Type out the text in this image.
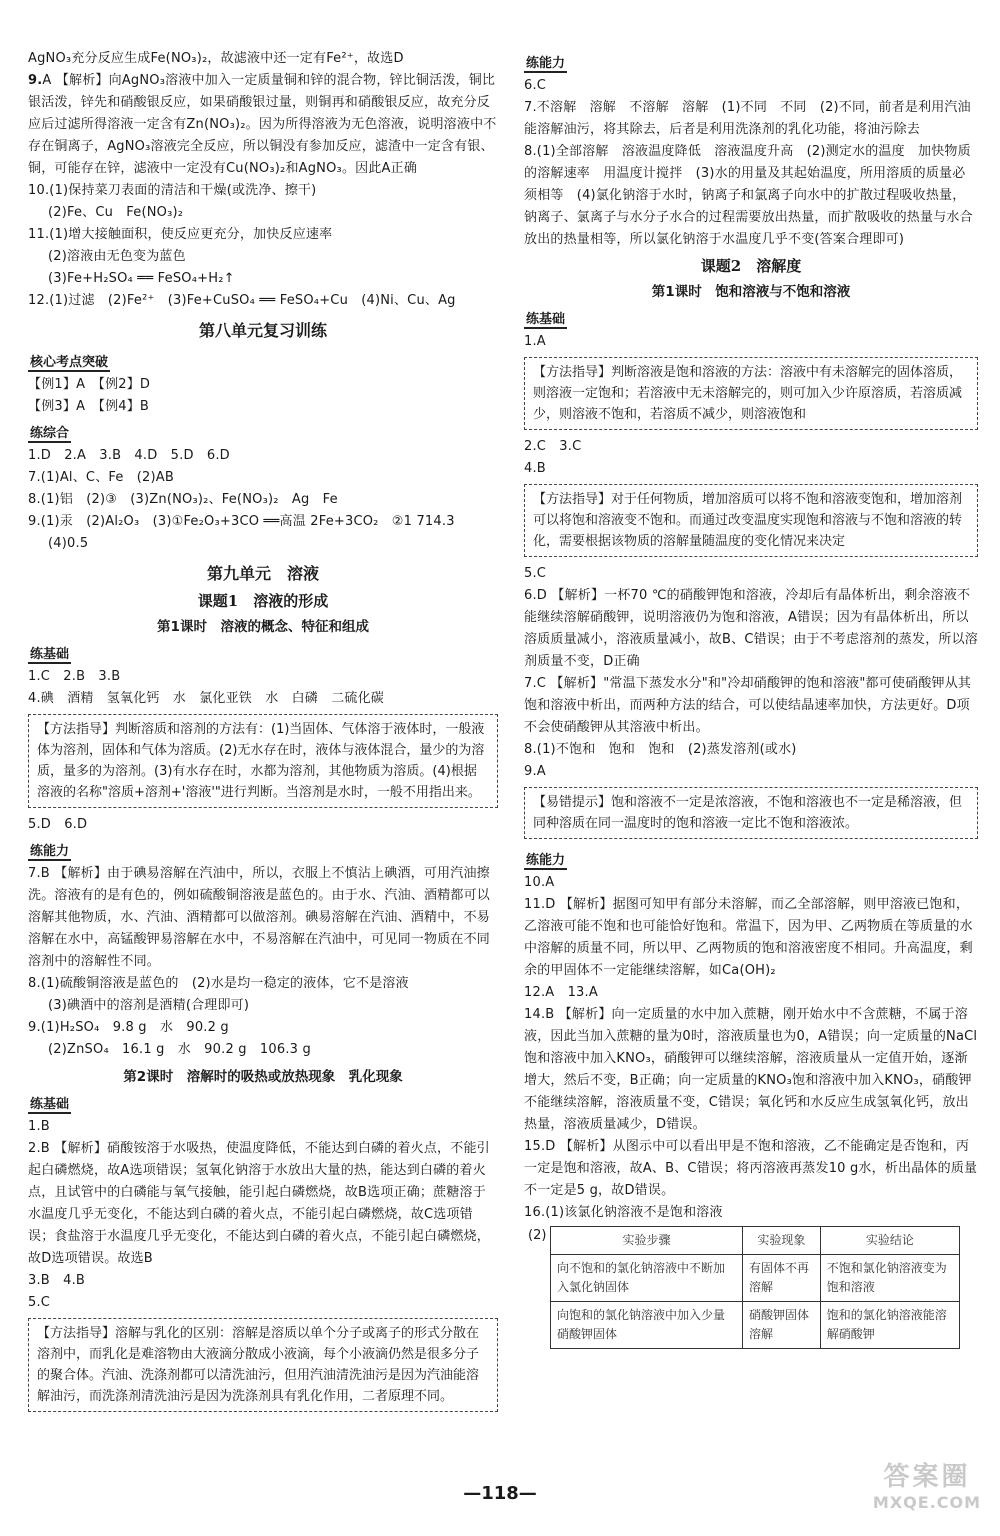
AgNO₃充分反应生成Fe(NO₃)₂，故滤液中还一定有Fe²⁺，故选D
9.A 【解析】向AgNO₃溶液中加入一定质量铜和锌的混合物，锌比铜活泼，铜比银活泼，锌先和硝酸银反应，如果硝酸银过量，则铜再和硝酸银反应，故充分反应后过滤所得溶液一定含有Zn(NO₃)₂。因为所得溶液为无色溶液，说明溶液中不存在铜离子，AgNO₃溶液完全反应，所以铜没有参加反应，滤渣中一定含有银、铜，可能存在锌，滤液中一定没有Cu(NO₃)₂和AgNO₃。因此A正确
10.(1)保持菜刀表面的清洁和干燥(或洗净、擦干)
(2)Fe、Cu　Fe(NO₃)₂
11.(1)增大接触面积，使反应更充分，加快反应速率
(2)溶液由无色变为蓝色
(3)Fe+H₂SO₄ ══ FeSO₄+H₂↑
12.(1)过滤　(2)Fe²⁺　(3)Fe+CuSO₄ ══ FeSO₄+Cu　(4)Ni、Cu、Ag
第八单元复习训练
核心考点突破
【例1】A　【例2】D
【例3】A　【例4】B
练综合
1.D　2.A　3.B　4.D　5.D　6.D
7.(1)Al、C、Fe　(2)AB
8.(1)铝　(2)③　(3)Zn(NO₃)₂、Fe(NO₃)₂　Ag　Fe
9.(1)汞　(2)Al₂O₃　(3)①Fe₂O₃+3CO ══高温 2Fe+3CO₂　②1 714.3
(4)0.5
第九单元　溶液
课题1　溶液的形成
第1课时　溶液的概念、特征和组成
练基础
1.C　2.B　3.B
4.碘　酒精　氢氧化钙　水　氯化亚铁　水　白磷　二硫化碳
【方法指导】判断溶质和溶剂的方法有：(1)当固体、气体溶于液体时，一般液体为溶剂，固体和气体为溶质。(2)无水存在时，液体与液体混合，量少的为溶质，量多的为溶剂。(3)有水存在时，水都为溶剂，其他物质为溶质。(4)根据溶液的名称"溶质+溶剂+'溶液'"进行判断。当溶剂是水时，一般不用指出来。
5.D　6.D
练能力
7.B 【解析】由于碘易溶解在汽油中，所以，衣服上不慎沾上碘酒，可用汽油擦洗。溶液有的是有色的，例如硫酸铜溶液是蓝色的。由于水、汽油、酒精都可以溶解其他物质，水、汽油、酒精都可以做溶剂。碘易溶解在汽油、酒精中，不易溶解在水中，高锰酸钾易溶解在水中，不易溶解在汽油中，可见同一物质在不同溶剂中的溶解性不同。
8.(1)硫酸铜溶液是蓝色的　(2)水是均一稳定的液体，它不是溶液
(3)碘酒中的溶剂是酒精(合理即可)
9.(1)H₂SO₄　9.8 g　水　90.2 g
(2)ZnSO₄　16.1 g　水　90.2 g　106.3 g
第2课时　溶解时的吸热或放热现象　乳化现象
练基础
1.B
2.B 【解析】硝酸铵溶于水吸热，使温度降低，不能达到白磷的着火点，不能引起白磷燃烧，故A选项错误；氢氧化钠溶于水放出大量的热，能达到白磷的着火点，且试管中的白磷能与氧气接触，能引起白磷燃烧，故B选项正确；蔗糖溶于水温度几乎无变化，不能达到白磷的着火点，不能引起白磷燃烧，故C选项错误；食盐溶于水温度几乎无变化，不能达到白磷的着火点，不能引起白磷燃烧，故D选项错误。故选B
3.B　4.B
5.C
【方法指导】溶解与乳化的区别：溶解是溶质以单个分子或离子的形式分散在溶剂中，而乳化是难溶物由大液滴分散成小液滴，每个小液滴仍然是很多分子的聚合体。汽油、洗涤剂都可以清洗油污，但用汽油清洗油污是因为汽油能溶解油污，而洗涤剂清洗油污是因为洗涤剂具有乳化作用，二者原理不同。
练能力
6.C
7.不溶解　溶解　不溶解　溶解　(1)不同　不同　(2)不同，前者是利用汽油能溶解油污，将其除去，后者是利用洗涤剂的乳化功能，将油污除去
8.(1)全部溶解　溶液温度降低　溶液温度升高　(2)测定水的温度　加快物质的溶解速率　用温度计搅拌　(3)水的用量及其起始温度，所用溶质的质量必须相等　(4)氯化钠溶于水时，钠离子和氯离子向水中的扩散过程吸收热量，钠离子、氯离子与水分子水合的过程需要放出热量，而扩散吸收的热量与水合放出的热量相等，所以氯化钠溶于水温度几乎不变(答案合理即可)
课题2　溶解度
第1课时　饱和溶液与不饱和溶液
练基础
1.A
【方法指导】判断溶液是饱和溶液的方法：溶液中有未溶解完的固体溶质，则溶液一定饱和；若溶液中无未溶解完的，则可加入少许原溶质，若溶质减少，则溶液不饱和，若溶质不减少，则溶液饱和
2.C　3.C
4.B
【方法指导】对于任何物质，增加溶质可以将不饱和溶液变饱和，增加溶剂可以将饱和溶液变不饱和。而通过改变温度实现饱和溶液与不饱和溶液的转化，需要根据该物质的溶解量随温度的变化情况来决定
5.C
6.D 【解析】一杯70 ℃的硝酸钾饱和溶液，冷却后有晶体析出，剩余溶液不能继续溶解硝酸钾，说明溶液仍为饱和溶液，A错误；因为有晶体析出，所以溶质质量减小，溶液质量减小，故B、C错误；由于不考虑溶剂的蒸发，所以溶剂质量不变，D正确
7.C 【解析】"常温下蒸发水分"和"冷却硝酸钾的饱和溶液"都可使硝酸钾从其饱和溶液中析出，而两种方法的结合，可以使结晶速率加快，方法更好。D项不会使硝酸钾从其溶液中析出。
8.(1)不饱和　饱和　饱和　(2)蒸发溶剂(或水)
9.A
【易错提示】饱和溶液不一定是浓溶液，不饱和溶液也不一定是稀溶液，但同种溶质在同一温度时的饱和溶液一定比不饱和溶液浓。
练能力
10.A
11.D 【解析】据图可知甲有部分未溶解，而乙全部溶解，则甲溶液已饱和，乙溶液可能不饱和也可能恰好饱和。常温下，因为甲、乙两物质在等质量的水中溶解的质量不同，所以甲、乙两物质的饱和溶液密度不相同。升高温度，剩余的甲固体不一定能继续溶解，如Ca(OH)₂
12.A　13.A
14.B 【解析】向一定质量的水中加入蔗糖，刚开始水中不含蔗糖，不属于溶液，因此当加入蔗糖的量为0时，溶液质量也为0，A错误；向一定质量的NaCl饱和溶液中加入KNO₃，硝酸钾可以继续溶解，溶液质量从一定值开始，逐渐增大，然后不变，B正确；向一定质量的KNO₃饱和溶液中加入KNO₃，硝酸钾不能继续溶解，溶液质量不变，C错误；氧化钙和水反应生成氢氧化钙，放出热量，溶液质量减少，D错误。
15.D 【解析】从图示中可以看出甲是不饱和溶液，乙不能确定是否饱和，丙一定是饱和溶液，故A、B、C错误；将丙溶液再蒸发10 g水，析出晶体的质量不一定是5 g，故D错误。
16.(1)该氯化钠溶液不是饱和溶液
(2)	实验步骤	实验现象	实验结论
向不饱和的氯化钠溶液中不断加入氯化钠固体	有固体不再溶解	不饱和氯化钠溶液变为饱和溶液
向饱和的氯化钠溶液中加入少量硝酸钾固体	硝酸钾固体溶解	饱和的氯化钠溶液能溶解硝酸钾
—118—
答案圈
MXQE.COM
